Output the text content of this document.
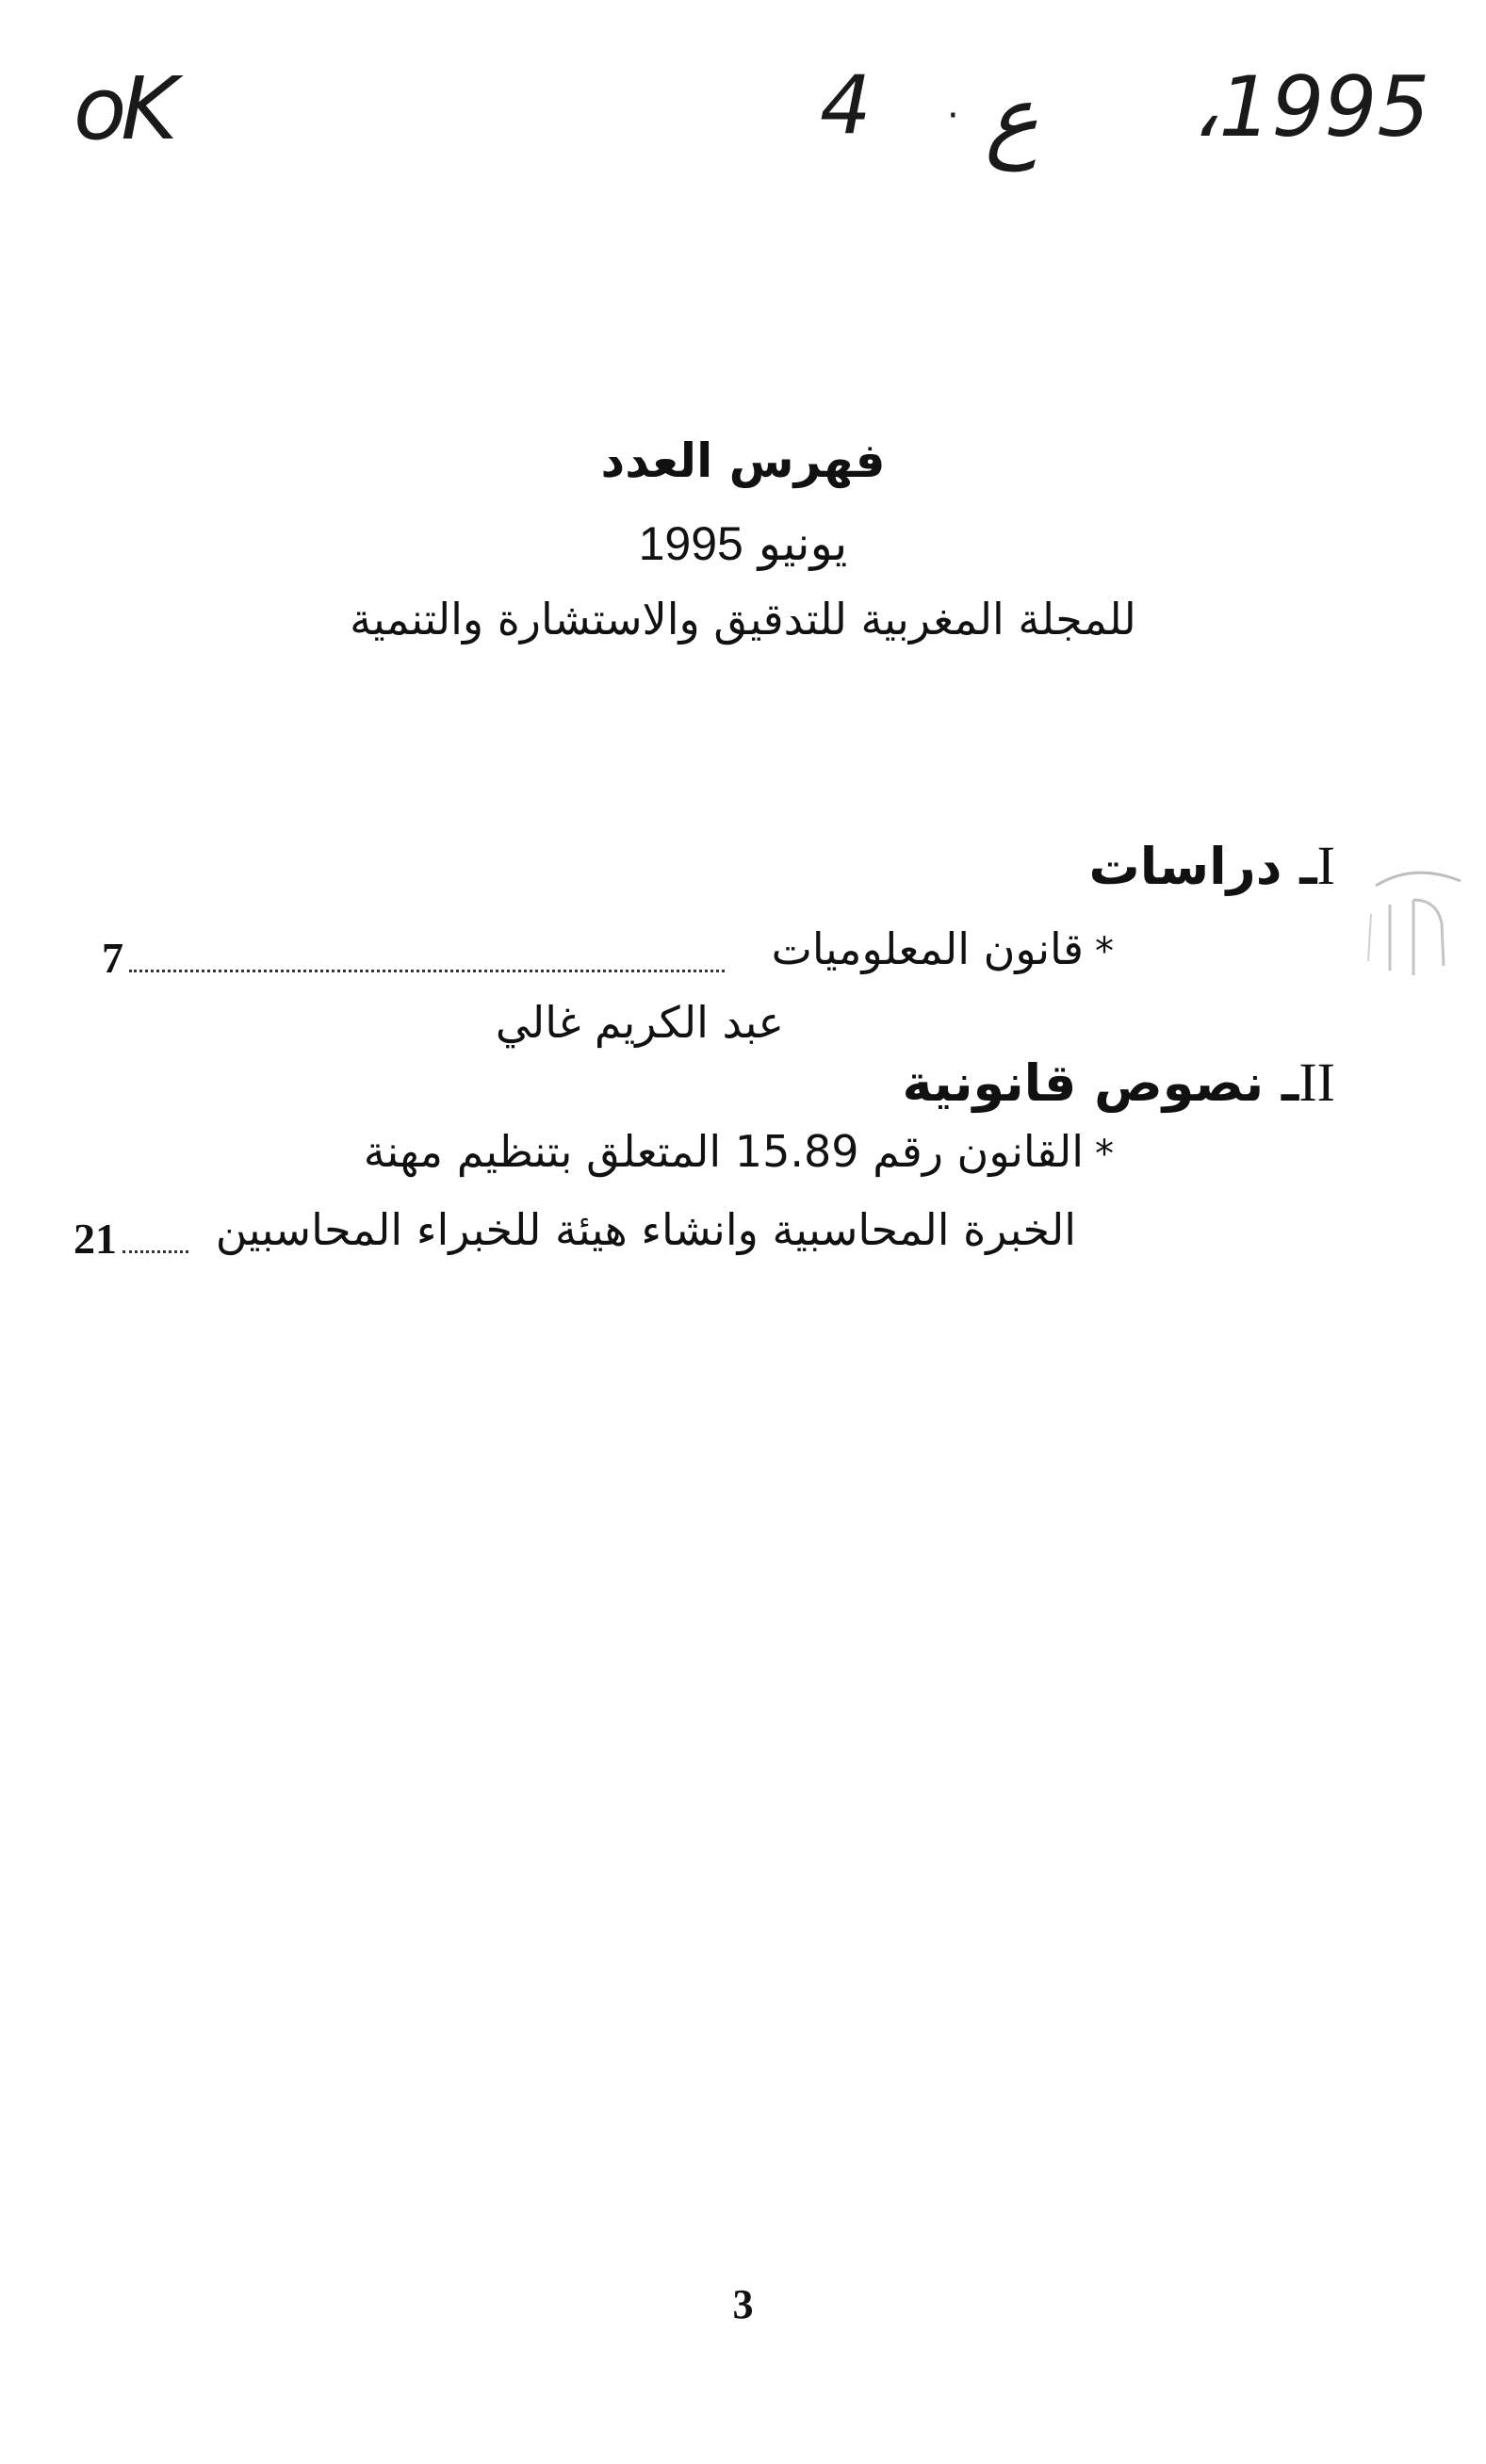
oK	4 · ع ،1995
فهرس العدد
يونيو 1995
للمجلة المغربية للتدقيق والاستشارة والتنمية
Iـ دراسات
*قانون المعلوميات
7
عبد الكريم غالي
IIـ نصوص قانونية
*القانون رقم 15.89 المتعلق بتنظيم مهنة
الخبرة المحاسبية وانشاء هيئة للخبراء المحاسبين
21
3
